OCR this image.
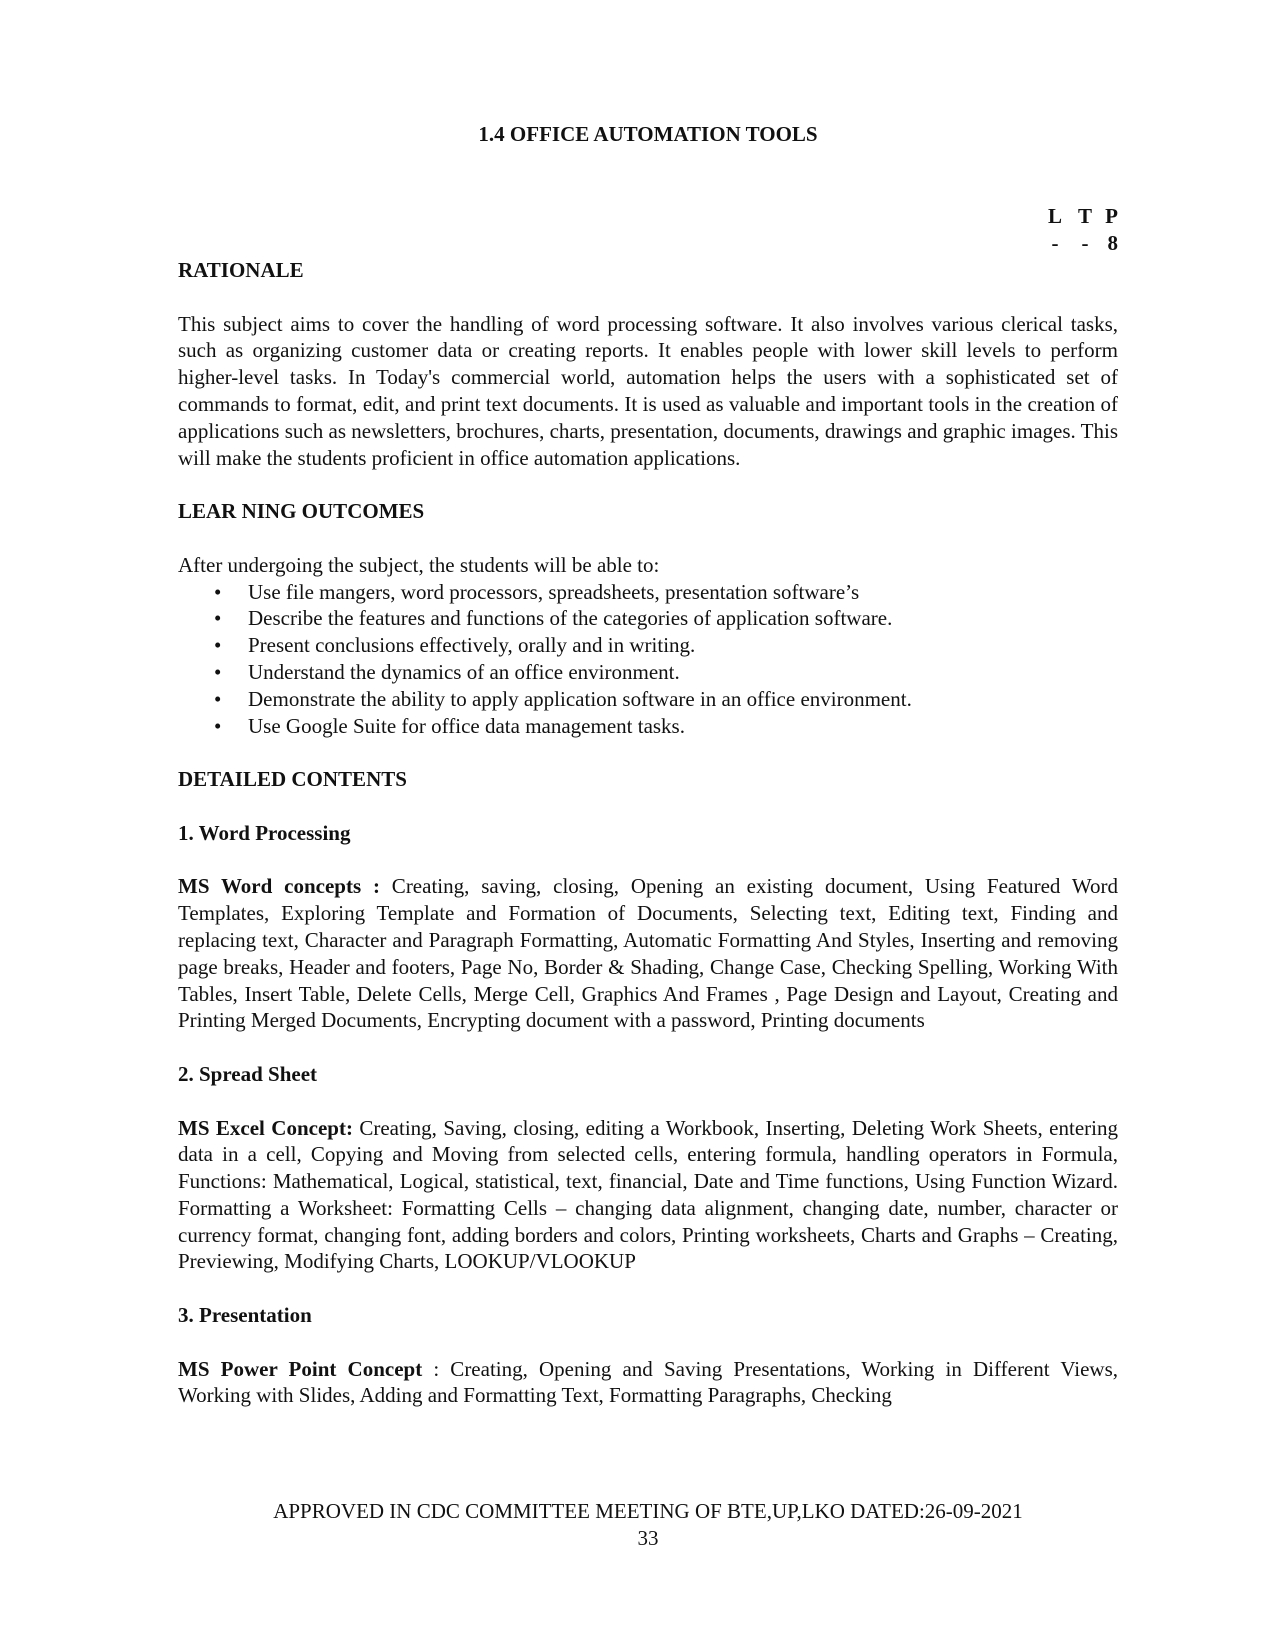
1.4 OFFICE AUTOMATION TOOLS
L T P
-	- 8
RATIONALE

This subject aims to cover the handling of word processing software. It also involves various clerical tasks, such as organizing customer data or creating reports. It enables people with lower skill levels to perform higher-level tasks. In Today's commercial world, automation helps the users with a sophisticated set of commands to format, edit, and print text documents. It is used as valuable and important tools in the creation of applications such as newsletters, brochures, charts, presentation, documents, drawings and graphic images. This will make the students proficient in office automation applications.

LEAR NING OUTCOMES

After undergoing the subject, the students will be able to:

• Use file mangers, word processors, spreadsheets, presentation software’s
• Describe the features and functions of the categories of application software.
• Present conclusions effectively, orally and in writing.
• Understand the dynamics of an office environment.
• Demonstrate the ability to apply application software in an office environment.
• Use Google Suite for office data management tasks.
DETAILED CONTENTS
1. Word Processing

MS Word concepts : Creating, saving, closing, Opening an existing document, Using Featured Word Templates, Exploring Template and Formation of Documents, Selecting text, Editing text, Finding and replacing text, Character and Paragraph Formatting, Automatic Formatting And Styles, Inserting and removing page breaks, Header and footers, Page No, Border & Shading, Change Case, Checking Spelling, Working With Tables, Insert Table, Delete Cells, Merge Cell, Graphics And Frames , Page Design and Layout, Creating and Printing Merged Documents, Encrypting document with a password, Printing documents

2. Spread Sheet

MS Excel Concept: Creating, Saving, closing, editing a Workbook, Inserting, Deleting Work Sheets, entering data in a cell, Copying and Moving from selected cells, entering formula, handling operators in Formula, Functions: Mathematical, Logical, statistical, text, financial, Date and Time functions, Using Function Wizard. Formatting a Worksheet: Formatting Cells – changing data alignment, changing date, number, character or currency format, changing font, adding borders and colors, Printing worksheets, Charts and Graphs – Creating, Previewing, Modifying Charts, LOOKUP/VLOOKUP

3. Presentation

MS Power Point Concept : Creating, Opening and Saving Presentations, Working in Different Views, Working with Slides, Adding and Formatting Text, Formatting Paragraphs, Checking

APPROVED IN CDC COMMITTEE MEETING OF BTE,UP,LKO DATED:26-09-2021
33
